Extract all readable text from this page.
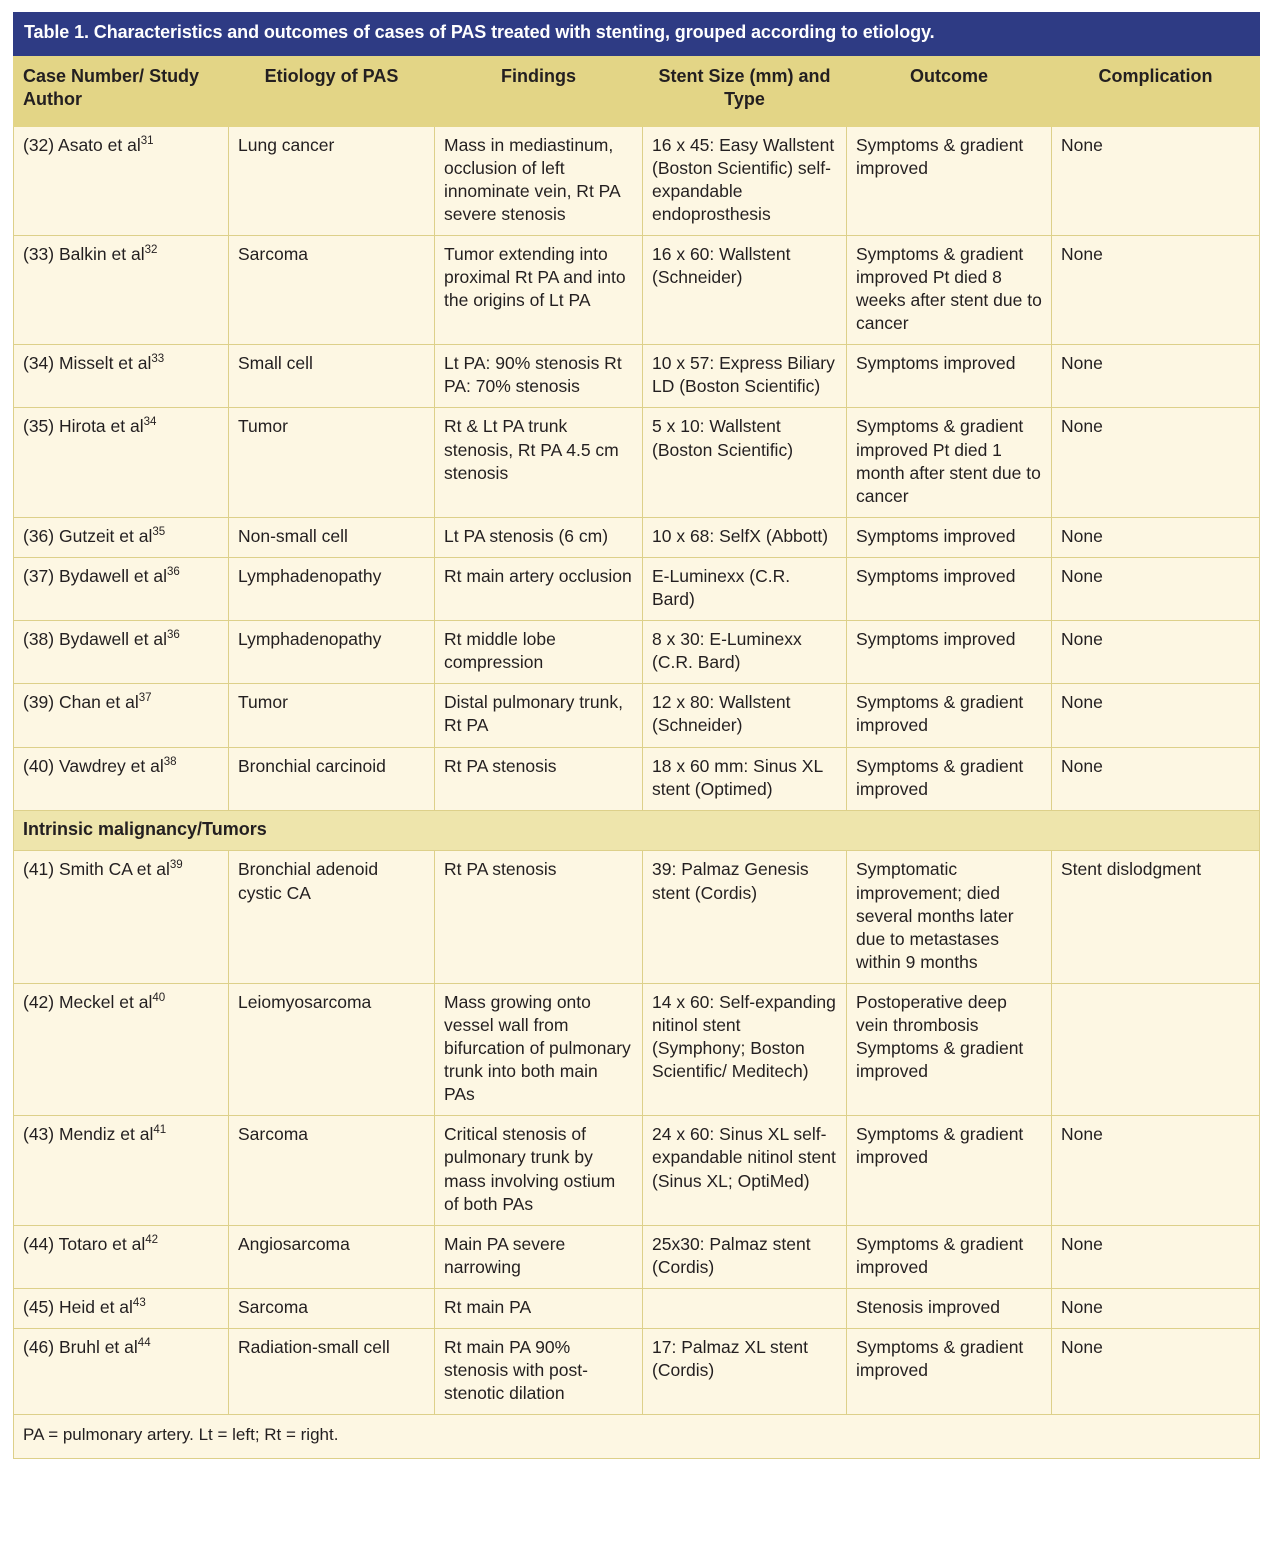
Table 1. Characteristics and outcomes of cases of PAS treated with stenting, grouped according to etiology.					
Case Number/ Study Author	Etiology of PAS	Findings	Stent Size (mm) and Type	Outcome	Complication
(32) Asato et $al^{31}$	Lung cancer	Mass in mediastinum, occlusion of left innominate vein, Rt PA severe stenosis	16 x 45: Easy Wallstent (Boston Scientific) self-expandable endoprosthesis	Symptoms & gradient improved	None
(33) Balkin et $al^{32}$	Sarcoma	Tumor extending into proximal Rt PA and into the origins of Lt PA	16 x 60: Wallstent (Schneider)	Symptoms & gradient improved Pt died 8 weeks after stent due to cancer	None
(34) Misselt et $al^{33}$	Small cell	Lt PA: 90% stenosis Rt PA: 70% stenosis	10 x 57: Express Biliary LD (Boston Scientific)	Symptoms improved	None
(35) Hirota et $al^{34}$	Tumor	Rt & Lt PA trunk stenosis, Rt PA 4.5 cm stenosis	5 x 10: Wallstent (Boston Scientific)	Symptoms & gradient improved Pt died 1 month after stent due to cancer	None
(36) Gutzeit et $al^{35}$	Non-small cell	Lt PA stenosis (6 cm)	10 x 68: SelfX (Abbott)	Symptoms improved	None
(37) Bydawell et $al^{36}$	Lymphadenopathy	Rt main artery occlusion	E-Luminexx (C.R. Bard)	Symptoms improved	None
(38) Bydawell et $al^{36}$	Lymphadenopathy	Rt middle lobe compression	8 x 30: E-Luminexx (C.R. Bard)	Symptoms improved	None
(39) Chan et $al^{37}$	Tumor	Distal pulmonary trunk, Rt PA	12 x 80: Wallstent (Schneider)	Symptoms & gradient improved	None
(40) Vawdrey et $al^{38}$	Bronchial carcinoid	Rt PA stenosis	18 x 60 mm: Sinus XL stent (Optimed)	Symptoms & gradient improved	None
Intrinsic malignancy/Tumors					
(41) Smith CA et $al^{39}$	Bronchial adenoid cystic CA	Rt PA stenosis	39: Palmaz Genesis stent (Cordis)	Symptomatic improvement; died several months later due to metastases within 9 months	Stent dislodgment
(42) Meckel et $al^{40}$	Leiomyosarcoma	Mass growing onto vessel wall from bifurcation of pulmonary trunk into both main PAs	14 x 60: Self-expanding nitinol stent (Symphony; Boston Scientific/ Meditech)	Postoperative deep vein thrombosis Symptoms & gradient improved	
(43) Mendiz et $al^{41}$	Sarcoma	Critical stenosis of pulmonary trunk by mass involving ostium of both PAs	24 x 60: Sinus XL self-expandable nitinol stent (Sinus XL; OptiMed)	Symptoms & gradient improved	None
(44) Totaro et $al^{42}$	Angiosarcoma	Main PA severe narrowing	25x30: Palmaz stent (Cordis)	Symptoms & gradient improved	None
(45) Heid et $al^{43}$	Sarcoma	Rt main PA		Stenosis improved	None
(46) Bruhl et $al^{44}$	Radiation-small cell	Rt main PA 90% stenosis with post-stenotic dilation	17: Palmaz XL stent (Cordis)	Symptoms & gradient improved	None
PA = pulmonary artery. Lt = left; Rt = right.					
